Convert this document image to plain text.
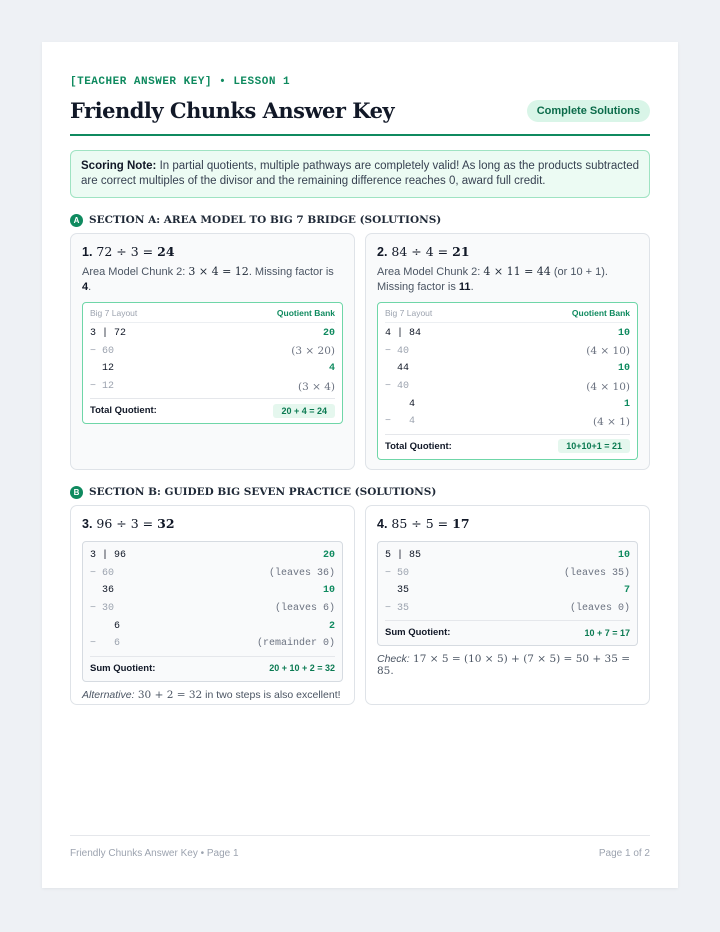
[TEACHER ANSWER KEY] • LESSON 1
Friendly Chunks Answer Key	Complete Solutions
Scoring Note: In partial quotients, multiple pathways are completely valid! As long as the products subtracted are correct multiples of the divisor and the remaining difference reaches 0, award full credit.
A SECTION A: AREA MODEL TO BIG 7 BRIDGE (SOLUTIONS)
1. 72 ÷ 3 = 24
Area Model Chunk 2: 3 × 4 = 12. Missing factor is 4.
Big 7 Layout	Quotient Bank
3 | 72	20
− 60	(3 × 20)
12	4
− 12	(3 × 4)
Total Quotient:	20 + 4 = 24
2. 84 ÷ 4 = 21
Area Model Chunk 2: 4 × 11 = 44 (or 10 + 1). Missing factor is 11.
Big 7 Layout	Quotient Bank
4 | 84	10
− 40	(4 × 10)
44	10
− 40	(4 × 10)
4	1
−   4	(4 × 1)
Total Quotient:	10+10+1 = 21
B SECTION B: GUIDED BIG SEVEN PRACTICE (SOLUTIONS)
3. 96 ÷ 3 = 32
3 | 96	20
− 60	(leaves 36)
36	10
− 30	(leaves 6)
6	2
−   6	(remainder 0)
Sum Quotient:	20 + 10 + 2 = 32
Alternative: 30 + 2 = 32 in two steps is also excellent!
4. 85 ÷ 5 = 17
5 | 85	10
− 50	(leaves 35)
35	7
− 35	(leaves 0)
Sum Quotient:	10 + 7 = 17
Check: 17 × 5 = (10 × 5) + (7 × 5) = 50 + 35 = 85.
Friendly Chunks Answer Key • Page 1	Page 1 of 2
